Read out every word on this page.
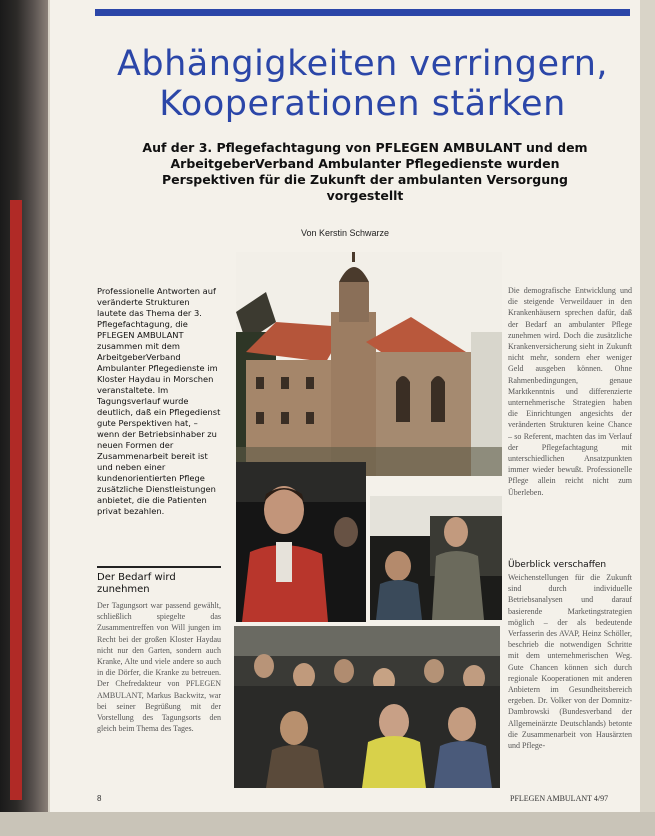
Abhängigkeiten verringern,
Kooperationen stärken
Auf der 3. Pflegefachtagung von PFLEGEN AMBULANT und dem ArbeitgeberVerband Ambulanter Pflegedienste wurden Perspektiven für die Zukunft der ambulanten Versorgung vorgestellt
Von Kerstin Schwarze

Professionelle Antworten auf veränderte Strukturen lautete das Thema der 3. Pflegefachtagung, die PFLEGEN AMBULANT zusammen mit dem ArbeitgeberVerband Ambulanter Pflegedienste im Kloster Haydau in Morschen veranstaltete. Im Tagungsverlauf wurde deutlich, daß ein Pflegedienst gute Perspektiven hat, – wenn der Betriebsinhaber zu neuen Formen der Zusammenarbeit bereit ist und neben einer kundenorientierten Pflege zusätzliche Dienstleistungen anbietet, die die Patienten privat bezahlen.

Der Bedarf wird zunehmen
Der Tagungsort war passend gewählt, schließlich spiegelte das Zusammentreffen von Will jungen im Recht bei der großen Kloster Haydau nicht nur den Garten, sondern auch Kranke, Alte und viele andere so auch in die Dörfer, die Kranke zu betreuen. Der Chefredakteur von PFLEGEN AMBULANT, Markus Backwitz, war bei seiner Begrüßung mit der Vorstellung des Tagungsorts den gleich beim Thema des Tages.
Die demografische Entwicklung und die steigende Verweildauer in den Krankenhäusern sprechen dafür, daß der Bedarf an ambulanter Pflege zunehmen wird. Doch die zusätzliche Krankenversicherung sieht in Zukunft nicht mehr, sondern eher weniger Geld ausgeben können. Ohne Rahmenbedingungen, genaue Marktkenntnis und differenzierte unternehmerische Strategien haben die Einrichtungen angesichts der veränderten Strukturen keine Chance – so Referent, machten das im Verlauf der Pflegefachtagung mit unterschiedlichen Ansatzpunkten immer wieder bewußt. Professionelle Pflege allein reicht nicht zum Überleben.
Überblick verschaffen
Weichenstellungen für die Zukunft sind durch individuelle Betriebsanalysen und darauf basierende Marketingstrategien möglich – der als bedeutende Verfasserin des AVAP, Heinz Schöller, beschrieb die notwendigen Schritte mit dem unternehmerischen Weg. Gute Chancen können sich durch regionale Kooperationen mit anderen Anbietern im Gesundheitsbereich ergeben. Dr. Volker von der Domnitz-Dambrowski (Bundesverband der Allgemeinärzte Deutschlands) betonte die Zusammenarbeit von Hausärzten und Pflege-
8	PFLEGEN AMBULANT 4/97
